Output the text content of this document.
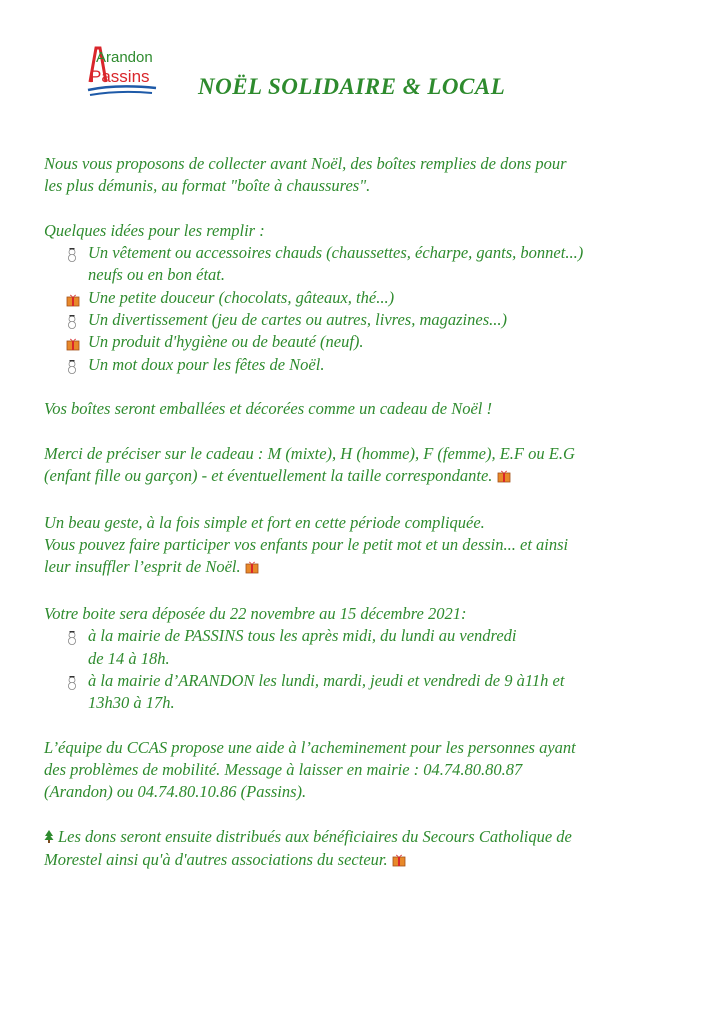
Arandon
Passins NOËL SOLIDAIRE & LOCAL

Nous vous proposons de collecter avant Noël, des boîtes remplies de dons pour
les plus démunis, au format "boîte à chaussures".

Quelques idées pour les remplir :

Un vêtement ou accessoires chauds (chaussettes, écharpe, gants, bonnet...)
neufs ou en bon état.
Une petite douceur (chocolats, gâteaux, thé...)
Un divertissement (jeu de cartes ou autres, livres, magazines...)
Un produit d'hygiène ou de beauté (neuf).
Un mot doux pour les fêtes de Noël.

Vos boîtes seront emballées et décorées comme un cadeau de Noël !

Merci de préciser sur le cadeau : M (mixte), H (homme), F (femme), E.F ou E.G
(enfant fille ou garçon) - et éventuellement la taille correspondante.

Un beau geste, à la fois simple et fort en cette période compliquée.
Vous pouvez faire participer vos enfants pour le petit mot et un dessin... et ainsi
leur insuffler l’esprit de Noël.

Votre boite sera déposée du 22 novembre au 15 décembre 2021:

à la mairie de PASSINS tous les après midi, du lundi au vendredi
de 14 à 18h.
à la mairie d’ARANDON les lundi, mardi, jeudi et vendredi de 9 à11h et
13h30 à 17h.

L’équipe du CCAS propose une aide à l’acheminement pour les personnes ayant
des problèmes de mobilité. Message à laisser en mairie : 04.74.80.80.87
(Arandon) ou 04.74.80.10.86 (Passins).

Les dons seront ensuite distribués aux bénéficiaires du Secours Catholique de
Morestel ainsi qu'à d'autres associations du secteur.
